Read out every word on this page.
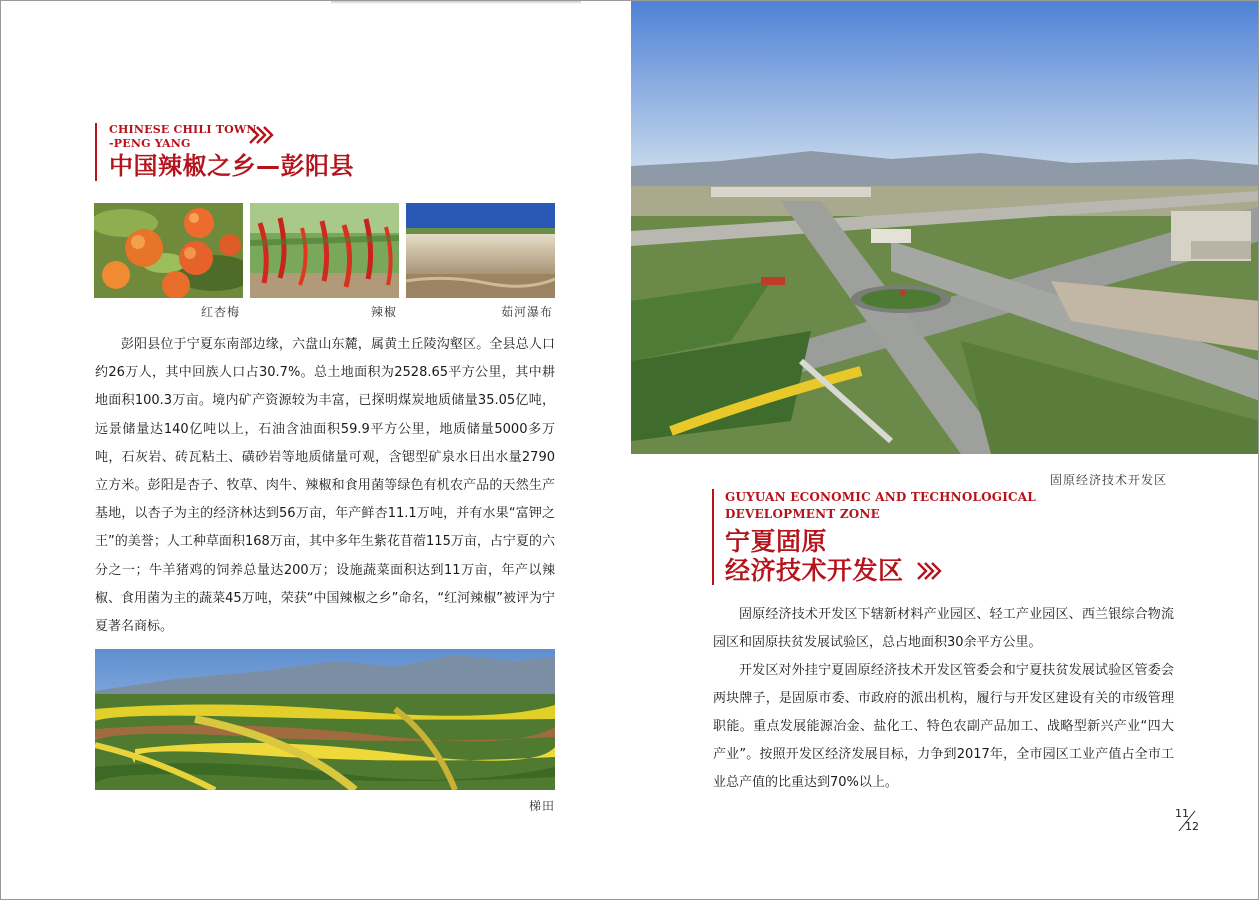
CHINESE CHILI TOWN
-PENG YANG
中国辣椒之乡—彭阳县
红杏梅	辣椒	茹河瀑布
彭阳县位于宁夏东南部边缘，六盘山东麓，属黄土丘陵沟壑区。全县总人口约26万人，其中回族人口占30.7%。总土地面积为2528.65平方公里，其中耕地面积100.3万亩。境内矿产资源较为丰富，已探明煤炭地质储量35.05亿吨，远景储量达140亿吨以上，石油含油面积59.9平方公里，地质储量5000多万吨，石灰岩、砖瓦粘土、磺砂岩等地质储量可观，含锶型矿泉水日出水量2790立方米。彭阳是杏子、牧草、肉牛、辣椒和食用菌等绿色有机农产品的天然生产基地，以杏子为主的经济林达到56万亩，年产鲜杏11.1万吨，并有水果“富钾之王”的美誉；人工种草面积168万亩，其中多年生紫花苜蓿115万亩，占宁夏的六分之一；牛羊猪鸡的饲养总量达200万；设施蔬菜面积达到11万亩，年产以辣椒、食用菌为主的蔬菜45万吨，荣获“中国辣椒之乡”命名，“红河辣椒”被评为宁夏著名商标。
梯田
固原经济技术开发区
GUYUAN ECONOMIC AND TECHNOLOGICAL
DEVELOPMENT ZONE
宁夏固原
经济技术开发区

固原经济技术开发区下辖新材料产业园区、轻工产业园区、西兰银综合物流园区和固原扶贫发展试验区，总占地面积30余平方公里。

开发区对外挂宁夏固原经济技术开发区管委会和宁夏扶贫发展试验区管委会两块牌子，是固原市委、市政府的派出机构，履行与开发区建设有关的市级管理职能。重点发展能源冶金、盐化工、特色农副产品加工、战略型新兴产业“四大产业”。按照开发区经济发展目标，力争到2017年，全市园区工业产值占全市工业总产值的比重达到70%以上。

11
12
